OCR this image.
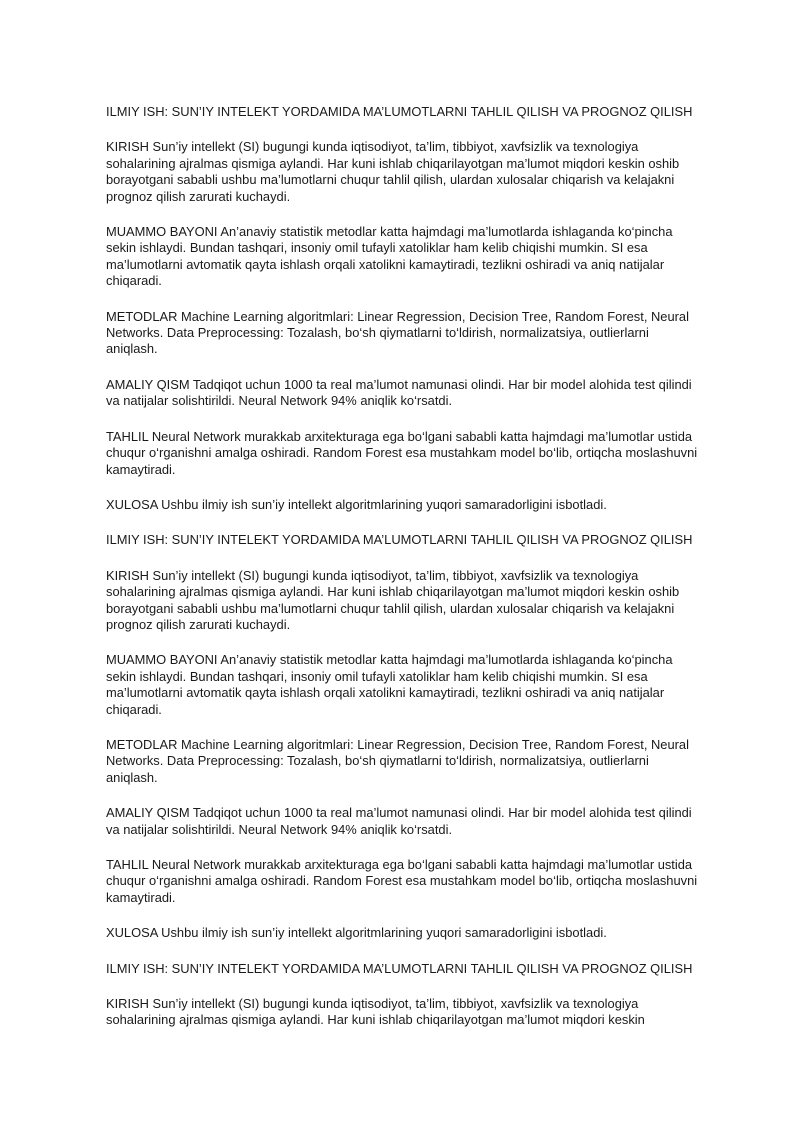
ILMIY ISH: SUN’IY INTELEKT YORDAMIDA MA’LUMOTLARNI TAHLIL QILISH VA PROGNOZ QILISH

KIRISH Sun’iy intellekt (SI) bugungi kunda iqtisodiyot, ta’lim, tibbiyot, xavfsizlik va texnologiya sohalarining ajralmas qismiga aylandi. Har kuni ishlab chiqarilayotgan ma’lumot miqdori keskin oshib borayotgani sababli ushbu ma’lumotlarni chuqur tahlil qilish, ulardan xulosalar chiqarish va kelajakni prognoz qilish zarurati kuchaydi.

MUAMMO BAYONI An’anaviy statistik metodlar katta hajmdagi ma’lumotlarda ishlaganda ko‘pincha sekin ishlaydi. Bundan tashqari, insoniy omil tufayli xatoliklar ham kelib chiqishi mumkin. SI esa ma’lumotlarni avtomatik qayta ishlash orqali xatolikni kamaytiradi, tezlikni oshiradi va aniq natijalar chiqaradi.

METODLAR Machine Learning algoritmlari: Linear Regression, Decision Tree, Random Forest, Neural Networks. Data Preprocessing: Tozalash, bo‘sh qiymatlarni to‘ldirish, normalizatsiya, outlierlarni aniqlash.

AMALIY QISM Tadqiqot uchun 1000 ta real ma’lumot namunasi olindi. Har bir model alohida test qilindi va natijalar solishtirildi. Neural Network 94% aniqlik ko‘rsatdi.

TAHLIL Neural Network murakkab arxitekturaga ega bo‘lgani sababli katta hajmdagi ma’lumotlar ustida chuqur o‘rganishni amalga oshiradi. Random Forest esa mustahkam model bo‘lib, ortiqcha moslashuvni kamaytiradi.

XULOSA Ushbu ilmiy ish sun’iy intellekt algoritmlarining yuqori samaradorligini isbotladi.

ILMIY ISH: SUN’IY INTELEKT YORDAMIDA MA’LUMOTLARNI TAHLIL QILISH VA PROGNOZ QILISH

KIRISH Sun’iy intellekt (SI) bugungi kunda iqtisodiyot, ta’lim, tibbiyot, xavfsizlik va texnologiya sohalarining ajralmas qismiga aylandi. Har kuni ishlab chiqarilayotgan ma’lumot miqdori keskin oshib borayotgani sababli ushbu ma’lumotlarni chuqur tahlil qilish, ulardan xulosalar chiqarish va kelajakni prognoz qilish zarurati kuchaydi.

MUAMMO BAYONI An’anaviy statistik metodlar katta hajmdagi ma’lumotlarda ishlaganda ko‘pincha sekin ishlaydi. Bundan tashqari, insoniy omil tufayli xatoliklar ham kelib chiqishi mumkin. SI esa ma’lumotlarni avtomatik qayta ishlash orqali xatolikni kamaytiradi, tezlikni oshiradi va aniq natijalar chiqaradi.

METODLAR Machine Learning algoritmlari: Linear Regression, Decision Tree, Random Forest, Neural Networks. Data Preprocessing: Tozalash, bo‘sh qiymatlarni to‘ldirish, normalizatsiya, outlierlarni aniqlash.

AMALIY QISM Tadqiqot uchun 1000 ta real ma’lumot namunasi olindi. Har bir model alohida test qilindi va natijalar solishtirildi. Neural Network 94% aniqlik ko‘rsatdi.

TAHLIL Neural Network murakkab arxitekturaga ega bo‘lgani sababli katta hajmdagi ma’lumotlar ustida chuqur o‘rganishni amalga oshiradi. Random Forest esa mustahkam model bo‘lib, ortiqcha moslashuvni kamaytiradi.

XULOSA Ushbu ilmiy ish sun’iy intellekt algoritmlarining yuqori samaradorligini isbotladi.

ILMIY ISH: SUN’IY INTELEKT YORDAMIDA MA’LUMOTLARNI TAHLIL QILISH VA PROGNOZ QILISH

KIRISH Sun’iy intellekt (SI) bugungi kunda iqtisodiyot, ta’lim, tibbiyot, xavfsizlik va texnologiya sohalarining ajralmas qismiga aylandi. Har kuni ishlab chiqarilayotgan ma’lumot miqdori keskin
